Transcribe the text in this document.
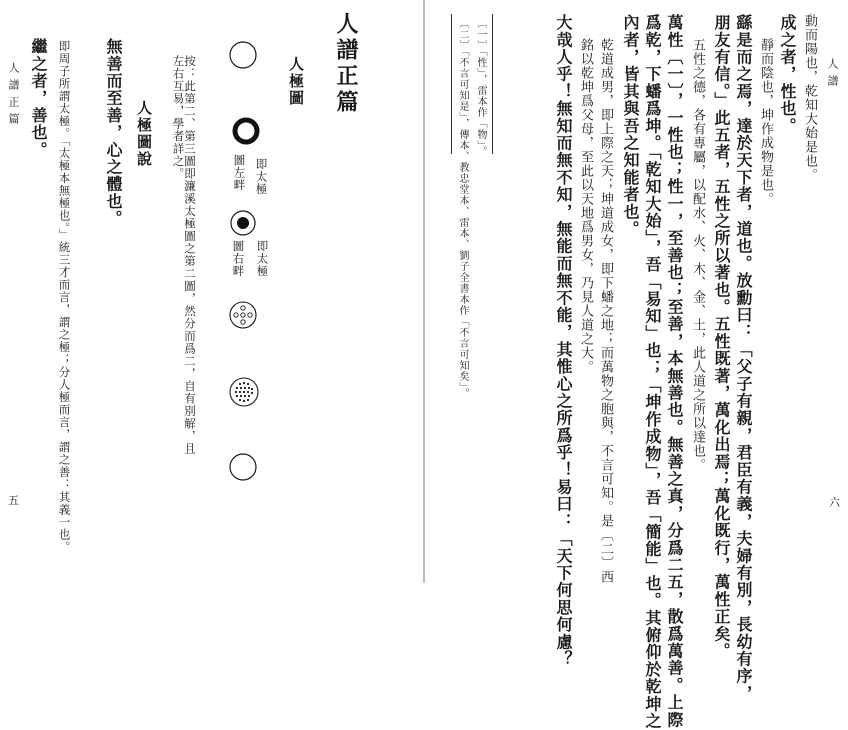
人譜正篇
五
繼之者，善也。 即周子所謂太極。「太極本無極也。」統三才而言，謂之極；分人極而言，謂之善：其義一也。 無善而至善，心之體也。 人極圖說	按：此第二、第三圖即濂溪太極圖之第二圖，然分而爲二，自有別解，且左右互易，學者詳之。	即太極
圖左畔
即太極
圖右畔
人極圖 人譜正篇	人譜
六
動而陽也，乾知大始是也。
成之者，性也。
靜而陰也，坤作成物是也。
繇是而之焉，達於天下者，道也。放勳曰：「父子有親，君臣有義，夫婦有別，長幼有序，
朋友有信。」此五者，五性之所以著也。五性既著，萬化出焉；萬化既行，萬性正矣。
五性之德，各有專屬，以配水、火、木、金、土，此人道之所以達也。
萬性〔一〕，一性也；性一，至善也；至善，本無善也。無善之真，分爲二五，散爲萬善。上際
爲乾，下蟠爲坤。「乾知大始」，吾「易知」也；「坤作成物」，吾「簡能」也。其俯仰於乾坤之
內者，皆其與吾之知能者也。
乾道成男，即上際之天；坤道成女，即下蟠之地；而萬物之胞與，不言可知。是〔二〕西
銘以乾坤爲父母，至此以天地爲男女，乃見人道之大。
大哉人乎！無知而無不知，無能而無不能，其惟心之所爲乎！易曰：「天下何思何慮？
〔一〕「性」，雷本作「物」。
〔二〕「不言可知是」，傳本、教忠堂本、雷本、劉子全書本作「不言可知矣」。
